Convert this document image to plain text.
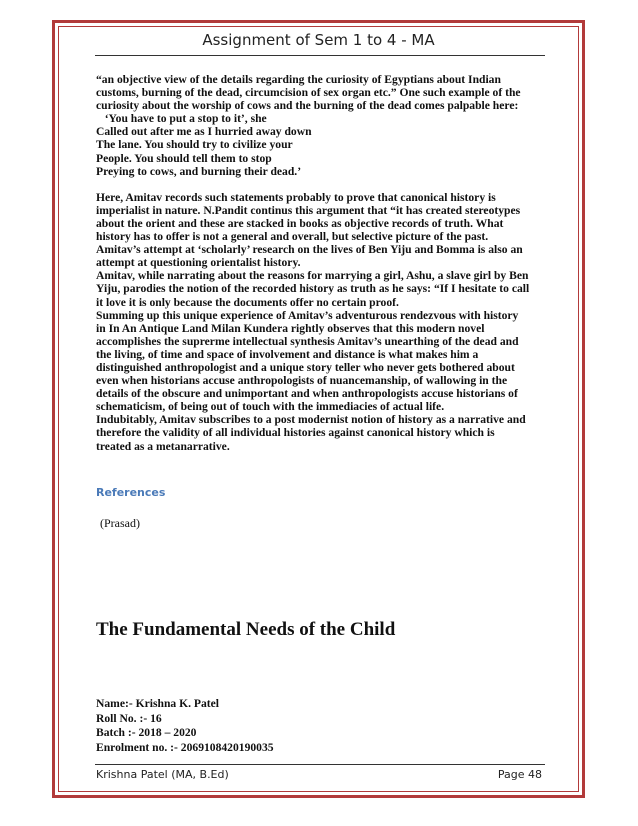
Assignment of Sem 1 to 4 - MA

“an objective view of the details regarding the curiosity of Egyptians about Indian

customs, burning of the dead, circumcision of sex organ etc.” One such example of the

curiosity about the worship of cows and the burning of the dead comes palpable here:

‘You have to put a stop to it’, she

Called out after me as I hurried away down

The lane. You should try to civilize your

People. You should tell them to stop

Preying to cows, and burning their dead.’

Here, Amitav records such statements probably to prove that canonical history is

imperialist in nature. N.Pandit continus this argument that “it has created stereotypes

about the orient and these are stacked in books as objective records of truth. What

history has to offer is not a general and overall, but selective picture of the past.

Amitav’s attempt at ‘scholarly’ research on the lives of Ben Yiju and Bomma is also an

attempt at questioning orientalist history.

Amitav, while narrating about the reasons for marrying a girl, Ashu, a slave girl by Ben

Yiju, parodies the notion of the recorded history as truth as he says: “If I hesitate to call

it love it is only because the documents offer no certain proof.

Summing up this unique experience of Amitav’s adventurous rendezvous with history

in In An Antique Land Milan Kundera rightly observes that this modern novel

accomplishes the suprerme intellectual synthesis Amitav’s unearthing of the dead and

the living, of time and space of involvement and distance is what makes him a

distinguished anthropologist and a unique story teller who never gets bothered about

even when historians accuse anthropologists of nuancemanship, of wallowing in the

details of the obscure and unimportant and when anthropologists accuse historians of

schematicism, of being out of touch with the immediacies of actual life.

Indubitably, Amitav subscribes to a post modernist notion of history as a narrative and

therefore the validity of all individual histories against canonical history which is

treated as a metanarrative.

References
(Prasad)
The Fundamental Needs of the Child
Name:- Krishna K. Patel
Roll No. :- 16
Batch :- 2018 – 2020
Enrolment no. :- 2069108420190035
Krishna Patel (MA, B.Ed)	Page 48
